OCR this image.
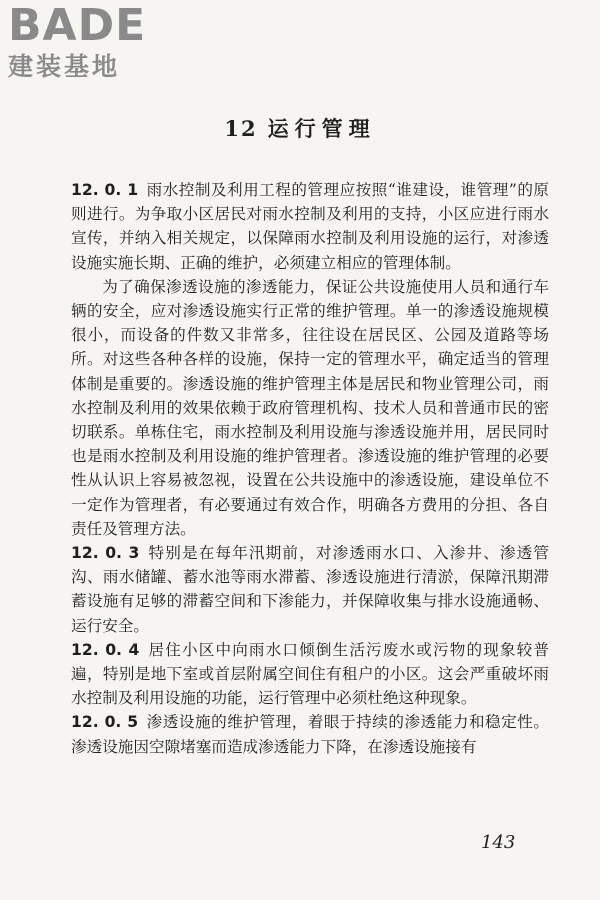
BADE
建装基地
12 运行管理

12. 0. 1 雨水控制及利用工程的管理应按照“谁建设，谁管理”的原则进行。为争取小区居民对雨水控制及利用的支持，小区应进行雨水宣传，并纳入相关规定，以保障雨水控制及利用设施的运行，对渗透设施实施长期、正确的维护，必须建立相应的管理体制。

为了确保渗透设施的渗透能力，保证公共设施使用人员和通行车辆的安全，应对渗透设施实行正常的维护管理。单一的渗透设施规模很小，而设备的件数又非常多，往往设在居民区、公园及道路等场所。对这些各种各样的设施，保持一定的管理水平，确定适当的管理体制是重要的。渗透设施的维护管理主体是居民和物业管理公司，雨水控制及利用的效果依赖于政府管理机构、技术人员和普通市民的密切联系。单栋住宅，雨水控制及利用设施与渗透设施并用，居民同时也是雨水控制及利用设施的维护管理者。渗透设施的维护管理的必要性从认识上容易被忽视，设置在公共设施中的渗透设施，建设单位不一定作为管理者，有必要通过有效合作，明确各方费用的分担、各自责任及管理方法。

12. 0. 3 特别是在每年汛期前，对渗透雨水口、入渗井、渗透管沟、雨水储罐、蓄水池等雨水滞蓄、渗透设施进行清淤，保障汛期滞蓄设施有足够的滞蓄空间和下渗能力，并保障收集与排水设施通畅、运行安全。

12. 0. 4 居住小区中向雨水口倾倒生活污废水或污物的现象较普遍，特别是地下室或首层附属空间住有租户的小区。这会严重破坏雨水控制及利用设施的功能，运行管理中必须杜绝这种现象。

12. 0. 5 渗透设施的维护管理，着眼于持续的渗透能力和稳定性。渗透设施因空隙堵塞而造成渗透能力下降，在渗透设施接有

143
